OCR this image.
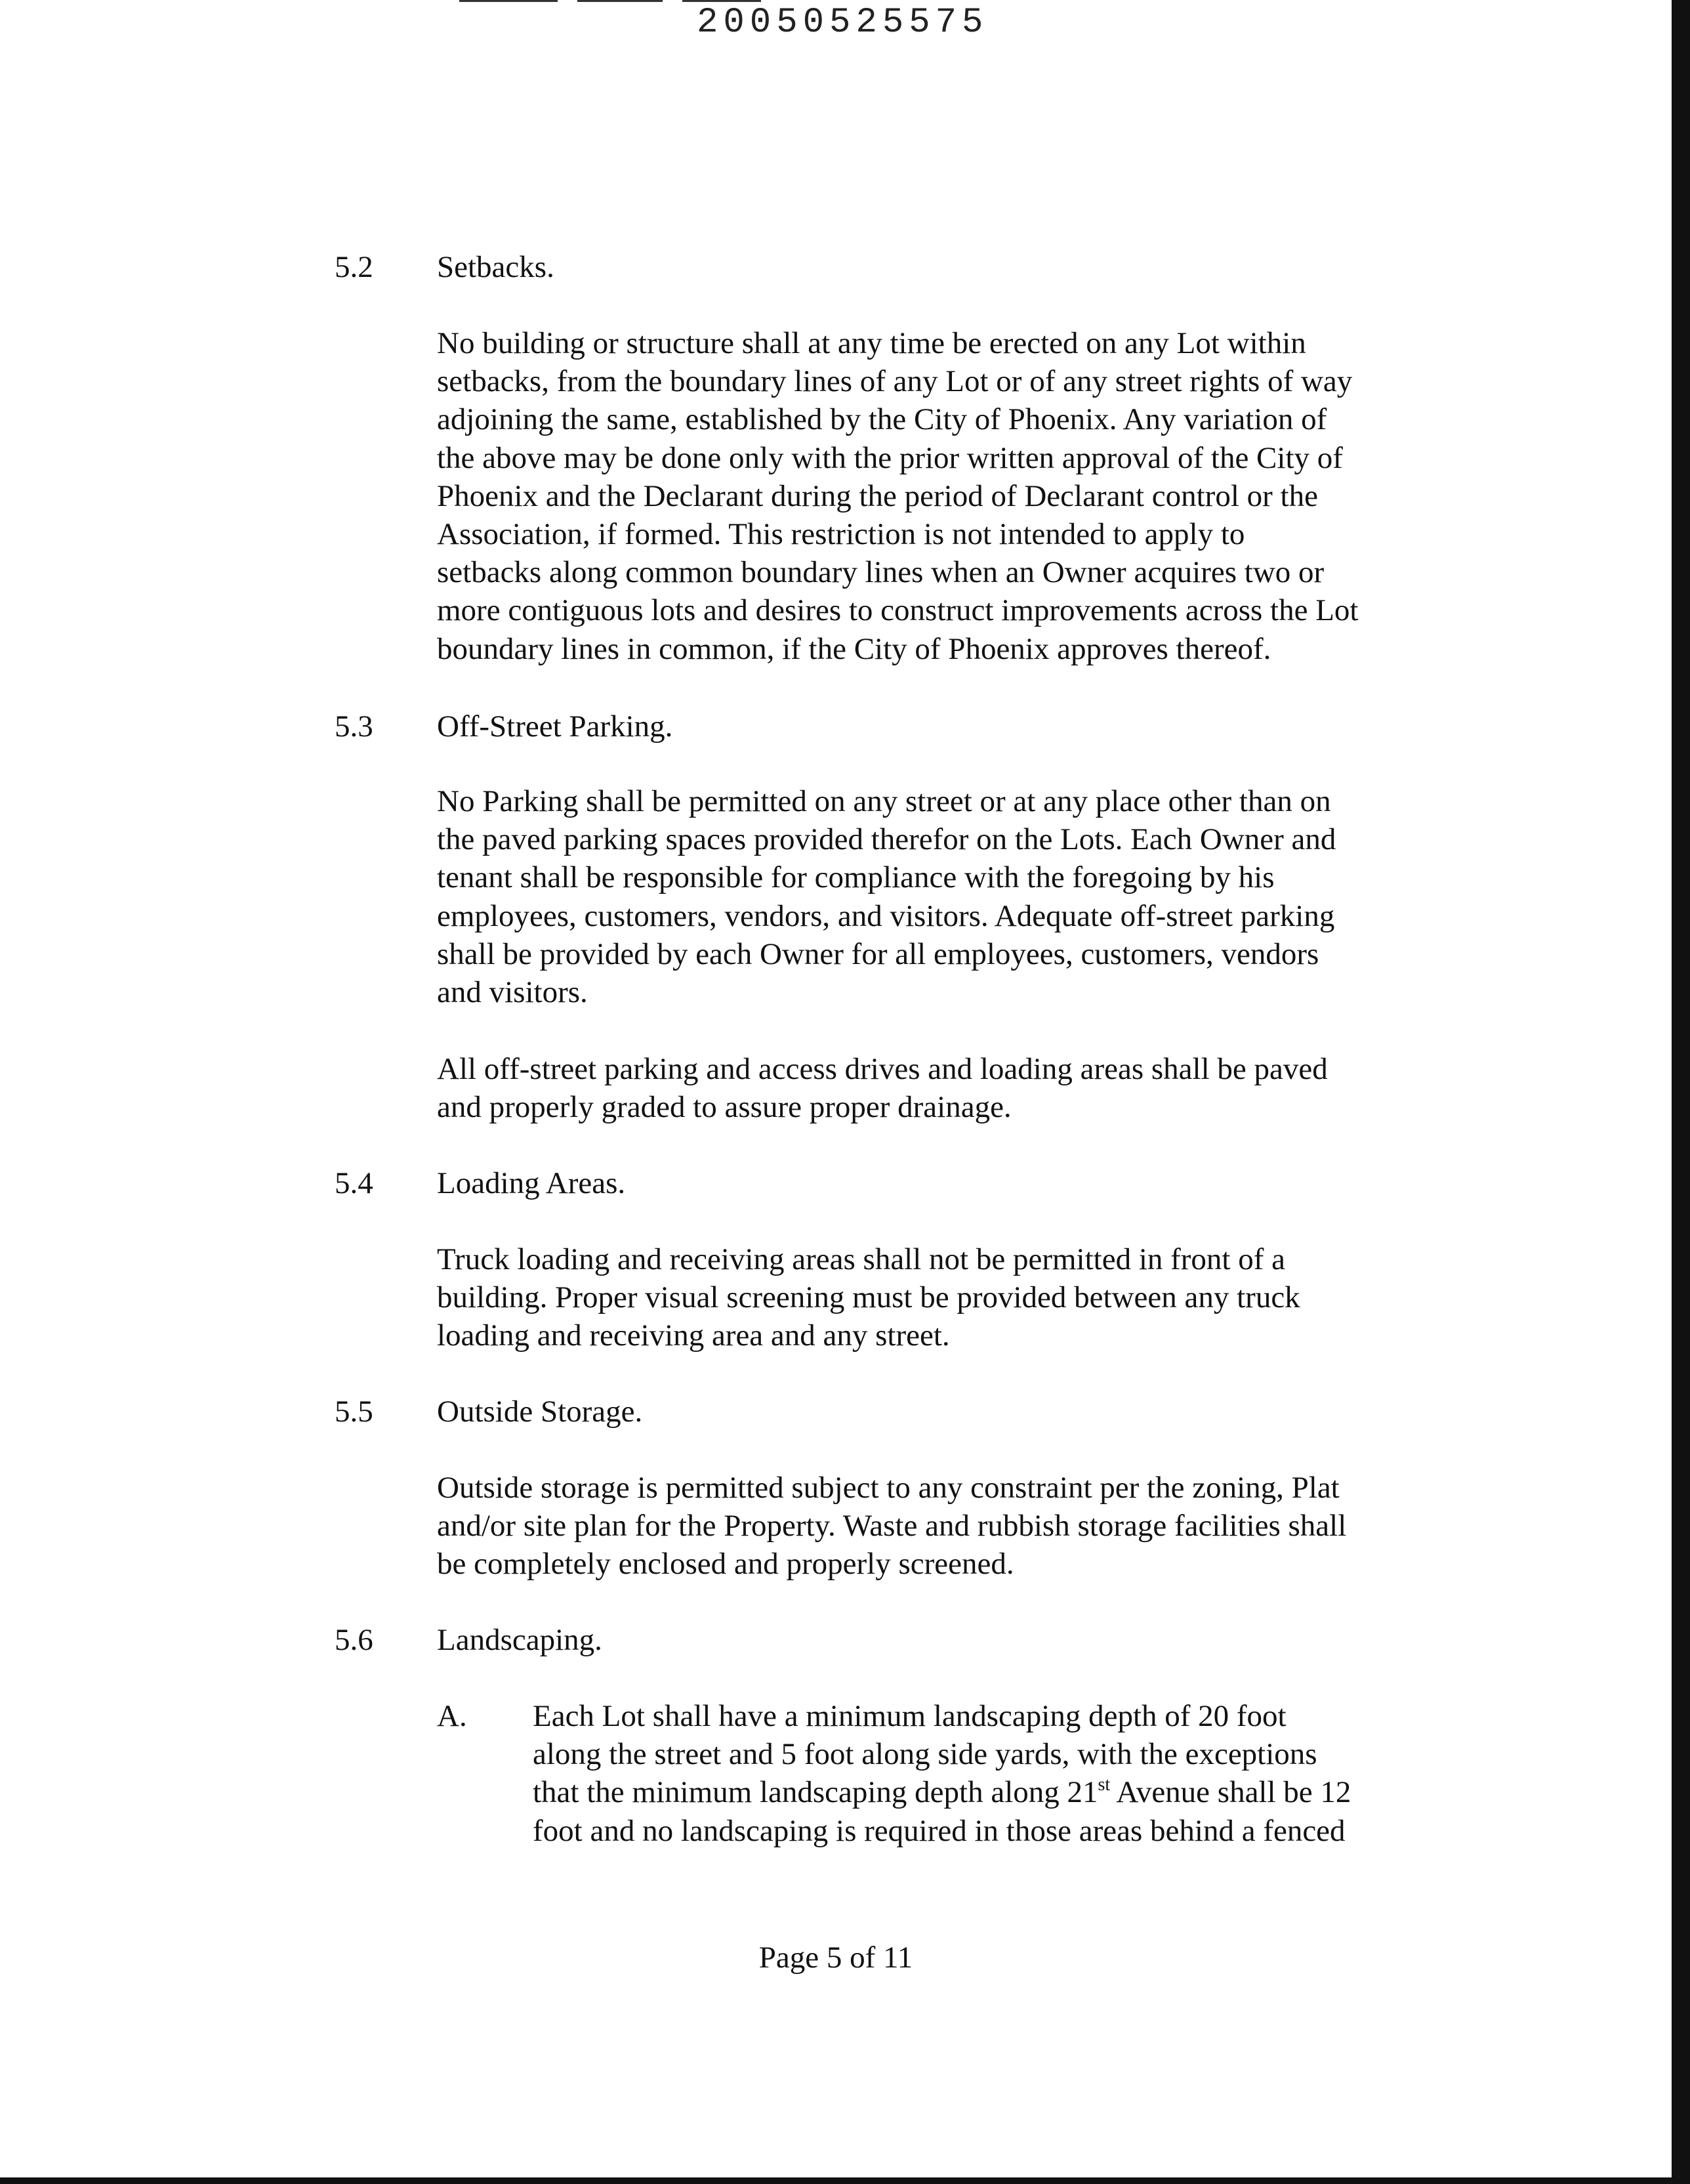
20050525575
5.2 Setbacks.
No building or structure shall at any time be erected on any Lot within
setbacks, from the boundary lines of any Lot or of any street rights of way
adjoining the same, established by the City of Phoenix. Any variation of
the above may be done only with the prior written approval of the City of
Phoenix and the Declarant during the period of Declarant control or the
Association, if formed. This restriction is not intended to apply to
setbacks along common boundary lines when an Owner acquires two or
more contiguous lots and desires to construct improvements across the Lot
boundary lines in common, if the City of Phoenix approves thereof.
5.3 Off-Street Parking.
No Parking shall be permitted on any street or at any place other than on
the paved parking spaces provided therefor on the Lots. Each Owner and
tenant shall be responsible for compliance with the foregoing by his
employees, customers, vendors, and visitors. Adequate off-street parking
shall be provided by each Owner for all employees, customers, vendors
and visitors.
All off-street parking and access drives and loading areas shall be paved
and properly graded to assure proper drainage.
5.4 Loading Areas.
Truck loading and receiving areas shall not be permitted in front of a
building. Proper visual screening must be provided between any truck
loading and receiving area and any street.
5.5 Outside Storage.
Outside storage is permitted subject to any constraint per the zoning, Plat
and/or site plan for the Property. Waste and rubbish storage facilities shall
be completely enclosed and properly screened.
5.6 Landscaping.
A. Each Lot shall have a minimum landscaping depth of 20 foot
along the street and 5 foot along side yards, with the exceptions
that the minimum landscaping depth along 21st Avenue shall be 12
foot and no landscaping is required in those areas behind a fenced
Page 5 of 11
